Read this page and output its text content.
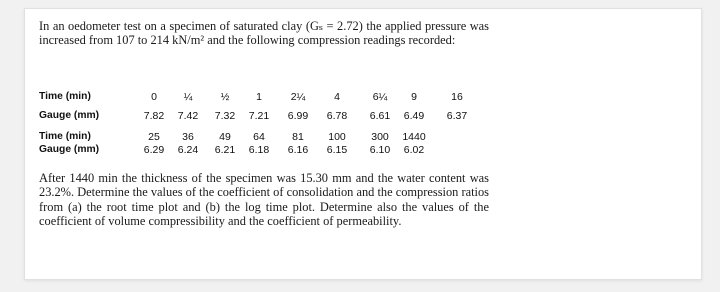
In an oedometer test on a specimen of saturated clay (Gₛ = 2.72) the applied pressure was increased from 107 to 214 kN/m² and the following compression readings recorded:
Time (min)	0	¼	½	1	2¼	4	6¼	9	16
Gauge (mm)	7.82	7.42	7.32	7.21	6.99	6.78	6.61	6.49	6.37
Time (min)	25	36	49	64	81	100	300	1440
Gauge (mm)	6.29	6.24	6.21	6.18	6.16	6.15	6.10	6.02
After 1440 min the thickness of the specimen was 15.30 mm and the water content was 23.2%. Determine the values of the coefficient of consolidation and the compression ratios from (a) the root time plot and (b) the log time plot. Determine also the values of the coefficient of volume compressibility and the coefficient of permeability.
